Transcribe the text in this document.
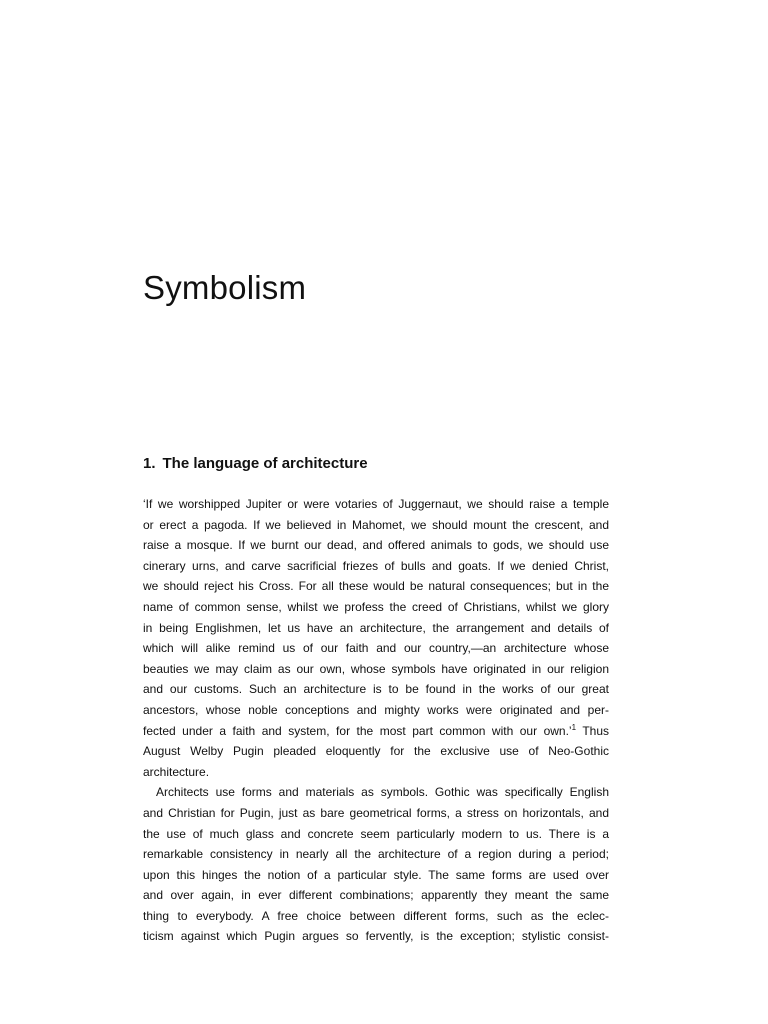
Symbolism
1. The language of architecture
‘If we worshipped Jupiter or were votaries of Juggernaut, we should raise a temple
or erect a pagoda. If we believed in Mahomet, we should mount the crescent, and
raise a mosque. If we burnt our dead, and offered animals to gods, we should use
cinerary urns, and carve sacrificial friezes of bulls and goats. If we denied Christ,
we should reject his Cross. For all these would be natural consequences; but in the
name of common sense, whilst we profess the creed of Christians, whilst we glory
in being Englishmen, let us have an architecture, the arrangement and details of
which will alike remind us of our faith and our country,—an architecture whose
beauties we may claim as our own, whose symbols have originated in our religion
and our customs. Such an architecture is to be found in the works of our great
ancestors, whose noble conceptions and mighty works were originated and per-
fected under a faith and system, for the most part common with our own.’$^1$ Thus
August Welby Pugin pleaded eloquently for the exclusive use of Neo-Gothic
architecture.
Architects use forms and materials as symbols. Gothic was specifically English
and Christian for Pugin, just as bare geometrical forms, a stress on horizontals, and
the use of much glass and concrete seem particularly modern to us. There is a
remarkable consistency in nearly all the architecture of a region during a period;
upon this hinges the notion of a particular style. The same forms are used over
and over again, in ever different combinations; apparently they meant the same
thing to everybody. A free choice between different forms, such as the eclec-
ticism against which Pugin argues so fervently, is the exception; stylistic consist-
